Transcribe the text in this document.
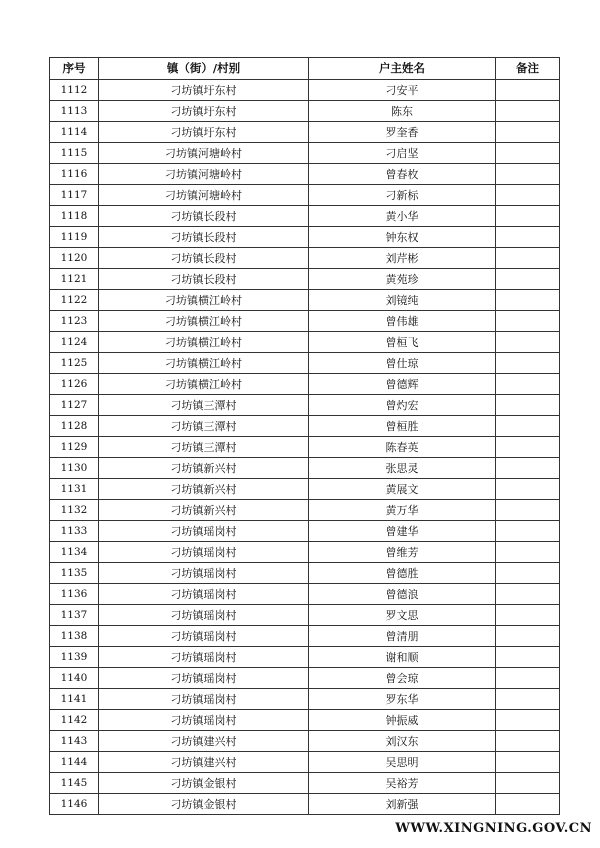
序号	镇（街）/村别	户主姓名	备注
1112	刁坊镇圩东村	刁安平	
1113	刁坊镇圩东村	陈东	
1114	刁坊镇圩东村	罗奎香	
1115	刁坊镇河塘岭村	刁启坚	
1116	刁坊镇河塘岭村	曾春枚	
1117	刁坊镇河塘岭村	刁新标	
1118	刁坊镇长段村	黄小华	
1119	刁坊镇长段村	钟东权	
1120	刁坊镇长段村	刘芹彬	
1121	刁坊镇长段村	黄苑珍	
1122	刁坊镇横江岭村	刘镜纯	
1123	刁坊镇横江岭村	曾伟雄	
1124	刁坊镇横江岭村	曾桓飞	
1125	刁坊镇横江岭村	曾仕琼	
1126	刁坊镇横江岭村	曾德辉	
1127	刁坊镇三潭村	曾灼宏	
1128	刁坊镇三潭村	曾桓胜	
1129	刁坊镇三潭村	陈春英	
1130	刁坊镇新兴村	张思灵	
1131	刁坊镇新兴村	黄展文	
1132	刁坊镇新兴村	黄万华	
1133	刁坊镇瑶岗村	曾建华	
1134	刁坊镇瑶岗村	曾维芳	
1135	刁坊镇瑶岗村	曾德胜	
1136	刁坊镇瑶岗村	曾德浪	
1137	刁坊镇瑶岗村	罗文思	
1138	刁坊镇瑶岗村	曾清朋	
1139	刁坊镇瑶岗村	谢和顺	
1140	刁坊镇瑶岗村	曾会琼	
1141	刁坊镇瑶岗村	罗东华	
1142	刁坊镇瑶岗村	钟振威	
1143	刁坊镇建兴村	刘汉东	
1144	刁坊镇建兴村	吴思明	
1145	刁坊镇金银村	吴裕芳	
1146	刁坊镇金银村	刘新强	
WWW.XINGNING.GOV.CN
